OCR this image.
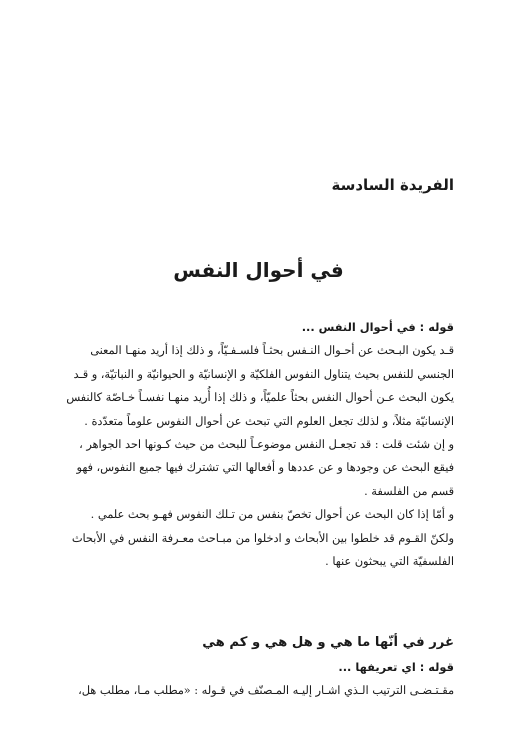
الفريدة السادسة
في أحوال النفس

قوله : في أحوال النفس ...

قـد يكون البـحث عن أحـوال النـفس بحثـاً فلسـفـيّاً، و ذلك إذا أريد منهـا المعنى

الجنسي للنفس بحيث يتناول النفوس الفلكيّة و الإنسانيّة و الحيوانيّة و النباتيّة، و قـد

يكون البحث عـن أحوال النفس بحثاً علميّاً، و ذلك إذا أُريد منهـا نفسـاً خـاصّة كالنفس

الإنسانيّة مثلاً، و لذلك تجعل العلوم التي تبحث عن أحوال النفوس علوماً متعدّدة .

و إن شئت قلت : قد تجعـل النفس موضوعـاً للبحث من حيث كـونها احد الجواهر ،

فيقع البحث عن وجودها و عن عددها و أفعالها التي تشترك فيها جميع النفوس، فهو

قسم من الفلسفة .

و أمّا إذا كان البحث عن أحوال تخصّ بنفس من تـلك النفوس فهـو بحث علمي .

ولكنّ القـوم قد خلطوا بين الأبحاث و ادخلوا من مبـاحث معـرفة النفس في الأبحاث

الفلسفيّة التي يبحثون عنها .

غرر في أنّها ما هي و هل هي و كم هي

قوله : اي تعريفها ...

مقـتـضـى الترتيب الـذي اشـار إليـه المـصنّف في قـوله : «مطلب مـا، مطلب هل،
